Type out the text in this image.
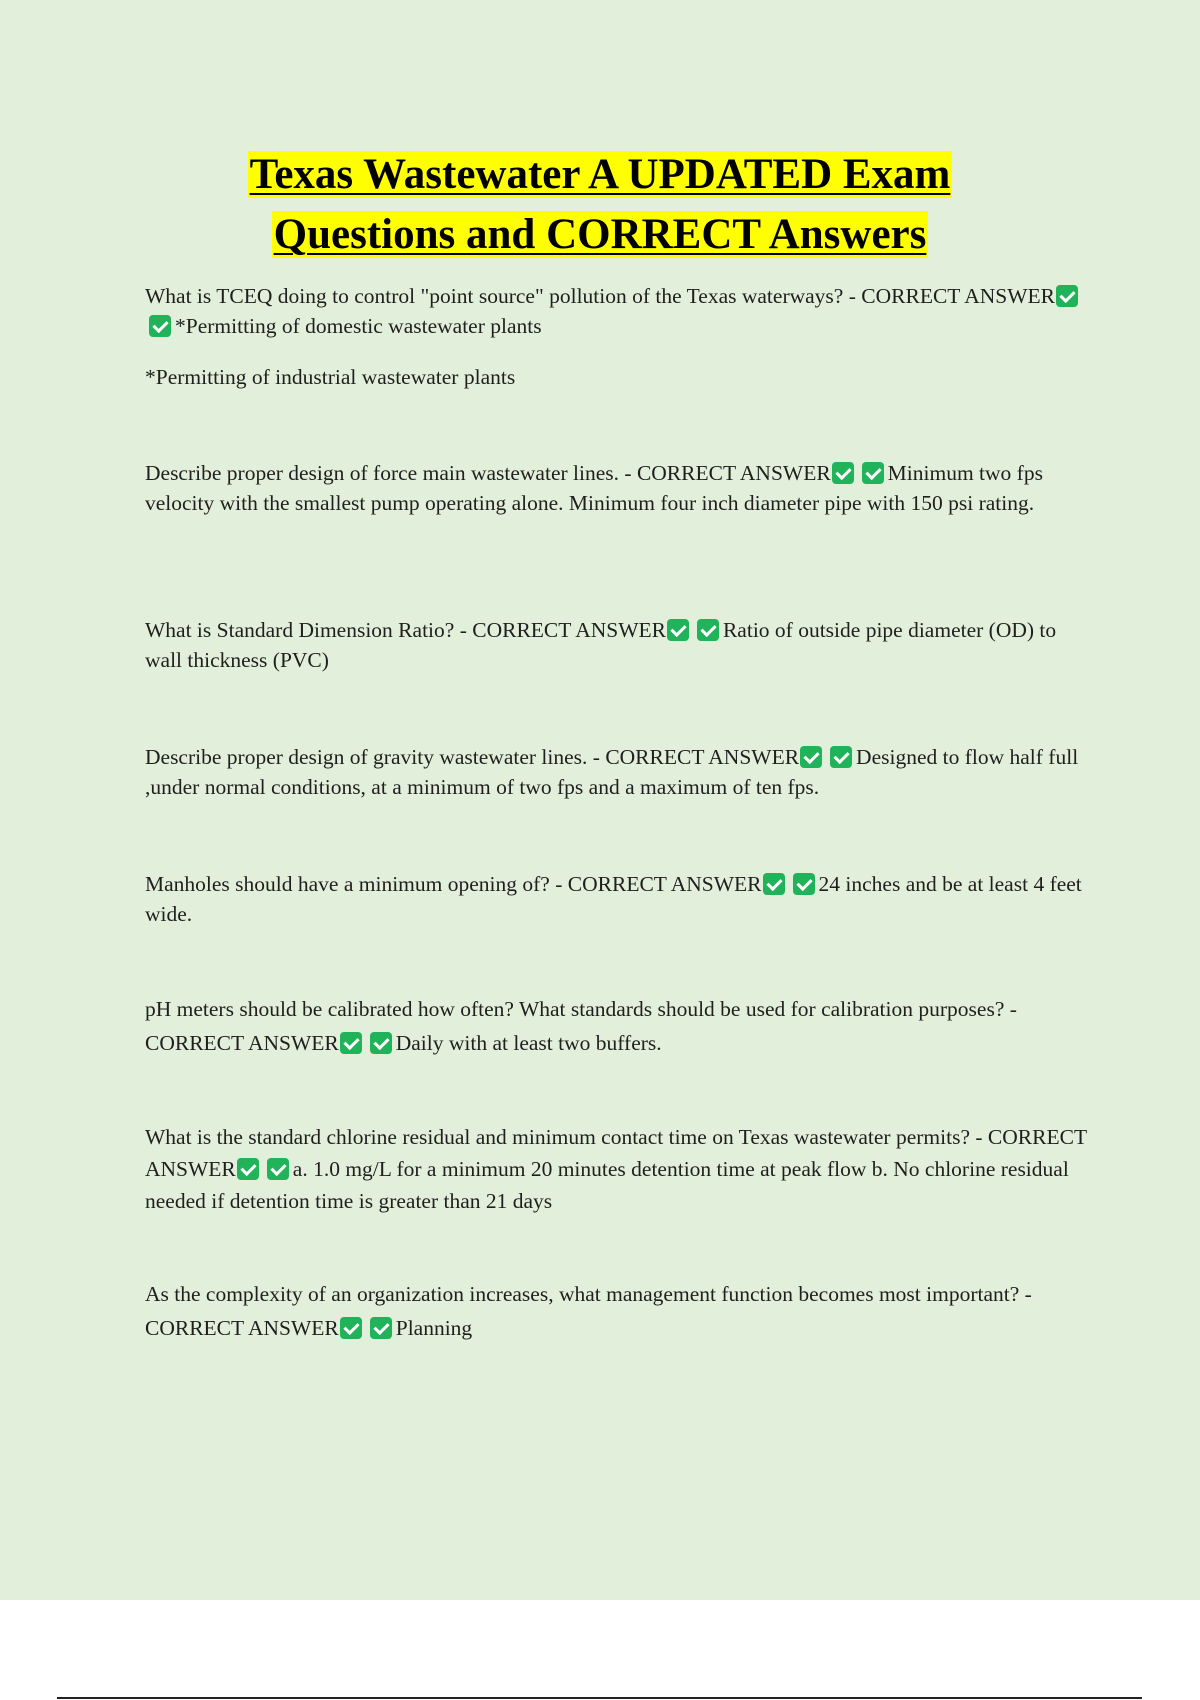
Texas Wastewater A UPDATED Exam
Questions and CORRECT Answers

What is TCEQ doing to control "point source" pollution of the Texas waterways? - CORRECT ANSWER*Permitting of domestic wastewater plants

*Permitting of industrial wastewater plants

Describe proper design of force main wastewater lines. - CORRECT ANSWER	Minimum two fps velocity with the smallest pump operating alone. Minimum four inch diameter pipe with 150 psi rating.

What is Standard Dimension Ratio? - CORRECT ANSWER	Ratio of outside pipe diameter (OD) to wall thickness (PVC)

Describe proper design of gravity wastewater lines. - CORRECT ANSWER	Designed to flow half full ,under normal conditions, at a minimum of two fps and a maximum of ten fps.

Manholes should have a minimum opening of? - CORRECT ANSWER	24 inches and be at least 4 feet wide.

pH meters should be calibrated how often? What standards should be used for calibration purposes? - CORRECT ANSWER	Daily with at least two buffers.

What is the standard chlorine residual and minimum contact time on Texas wastewater permits? - CORRECT ANSWER	a. 1.0 mg/L for a minimum 20 minutes detention time at peak flow b. No chlorine residual needed if detention time is greater than 21 days

As the complexity of an organization increases, what management function becomes most important? - CORRECT ANSWER	Planning
